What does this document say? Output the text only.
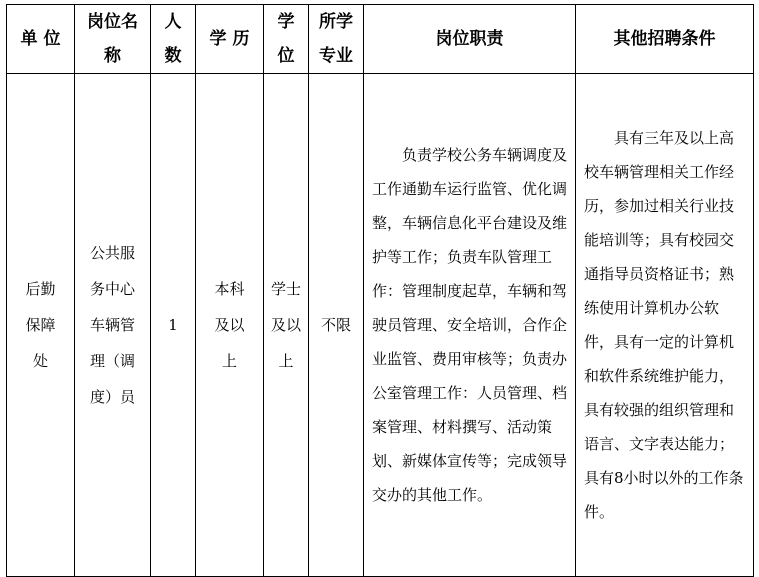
单 位	岗位名称	人数	学 历	学位	所学专业	岗位职责	其他招聘条件

后勤保障处	公共服务中心车辆管理（调度）员	1	本科及以上	学士及以上	不限	负责学校公务车辆调度及工作通勤车运行监管、优化调整，车辆信息化平台建设及维护等工作；负责车队管理工作：管理制度起草，车辆和驾驶员管理、安全培训，合作企业监管、费用审核等；负责办公室管理工作：人员管理、档案管理、材料撰写、活动策划、新媒体宣传等；完成领导交办的其他工作。	具有三年及以上高校车辆管理相关工作经历，参加过相关行业技能培训等；具有校园交通指导员资格证书；熟练使用计算机办公软件，具有一定的计算机和软件系统维护能力，具有较强的组织管理和语言、文字表达能力；具有8小时以外的工作条件。
